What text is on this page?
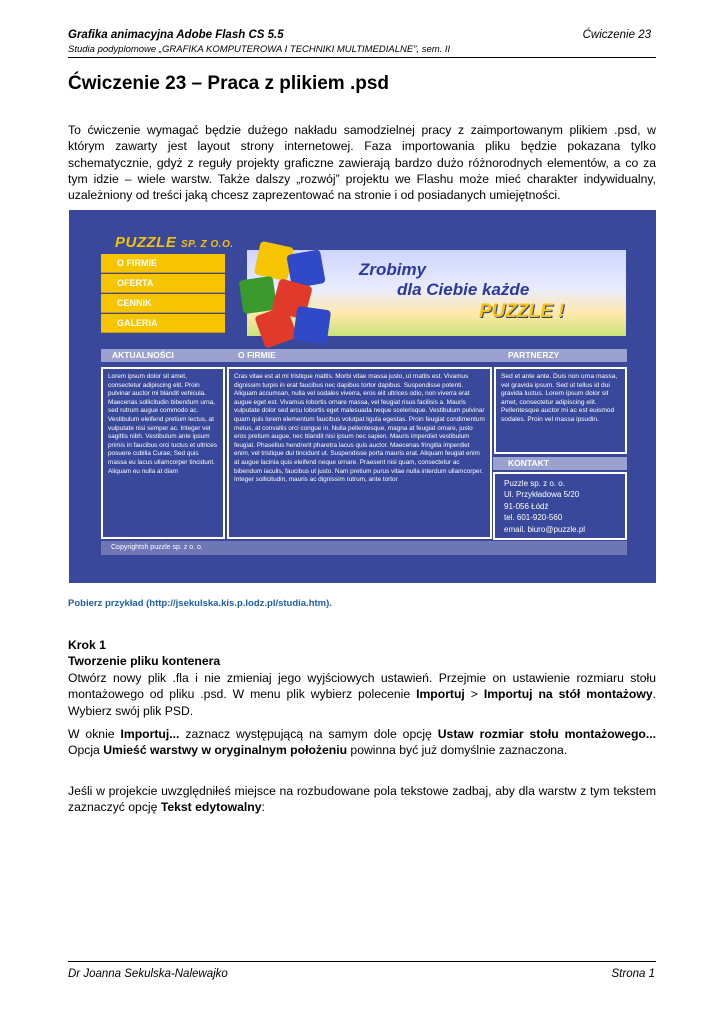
Grafika animacyjna Adobe Flash CS 5.5
Studia podyplomowe „GRAFIKA KOMPUTEROWA I TECHNIKI MULTIMEDIALNE”, sem. II
Ćwiczenie 23
Ćwiczenie 23 – Praca z plikiem .psd
To ćwiczenie wymagać będzie dużego nakładu samodzielnej pracy z zaimportowanym plikiem .psd, w którym zawarty jest layout strony internetowej. Faza importowania pliku będzie pokazana tylko schematycznie, gdyż z reguły projekty graficzne zawierają bardzo dużo różnorodnych elementów, a co za tym idzie – wiele warstw. Także dalszy „rozwój” projektu we Flashu może mieć charakter indywidualny, uzależniony od treści jaką chcesz zaprezentować na stronie i od posiadanych umiejętności.
PUZZLE SP. Z O.O.
O FIRMIE
OFERTA
CENNIK
GALERIA
Zrobimy
dla Ciebie każde
PUZZLE !
AKTUALNOŚCI	O FIRMIE	PARTNERZY
Lorem ipsum dolor sit amet, consectetur adipiscing elit. Proin pulvinar auctor mi blandit vehicula. Maecenas sollicitudin bibendum urna, sed rutrum augue commodo ac. Vestibulum eleifend pretium lectus, at vulputate nisi semper ac. Integer vel sagittis nibh. Vestibulum ante ipsum primis in faucibus orci luctus et ultrices posuere cubilia Curae; Sed quis massa eu lacus ullamcorper tincidunt. Aliquam eu nulla at diam
Cras vitae est at mi tristique mattis. Morbi vitae massa justo, ut mattis est. Vivamus dignissim turpis in erat faucibus nec dapibus tortor dapibus. Suspendisse potenti. Aliquam accumsan, nulla vel sodales viverra, eros elit ultrices odio, non viverra erat augue eget est. Vivamus lobortis ornare massa, vel feugiat risus facilisis a. Mauris vulputate dolor sed arcu lobortis eget malesuada neque scelerisque. Vestibulum pulvinar quam quis lorem elementum faucibus volutpat ligula egestas. Proin feugiat condimentum metus, at convallis orci congue in. Nulla pellentesque, magna at feugiat ornare, justo eros pretium augue, nec blandit nisi ipsum nec sapien. Mauris imperdiet vestibulum feugiat. Phasellus hendrerit pharetra lacus quis auctor. Maecenas fringilla imperdiet enim, vel tristique dui tincidunt ut. Suspendisse porta mauris erat. Aliquam feugiat enim at augue lacinia quis eleifend neque ornare. Praesent nisl quam, consectetur ac bibendum iaculis, faucibus ut justo. Nam pretium purus vitae nulla interdum ullamcorper. Integer sollicitudin, mauris ac dignissim rutrum, ante tortor
Sed et ante ante. Duis non urna massa, vel gravida ipsum. Sed ut tellus id dui gravida luctus. Lorem ipsum dolor sit amet, consectetur adipiscing elit. Pellentesque auctor mi ac est euismod sodales. Proin vel massa ipsudin.
KONTAKT
Puzzle sp. z o. o.
Ul. Przykładowa 5/20
91-056 Łódź
tel. 601-920-560
email. biuro@puzzle.pl
Copyrightsh puzzle sp. z o. o.
Pobierz przykład (http://jsekulska.kis.p.lodz.pl/studia.htm).
Krok 1
Tworzenie pliku kontenera
Otwórz nowy plik .fla i nie zmieniaj jego wyjściowych ustawień. Przejmie on ustawienie rozmiaru stołu montażowego od pliku .psd. W menu plik wybierz polecenie Importuj > Importuj na stół montażowy. Wybierz swój plik PSD.
W oknie Importuj... zaznacz występującą na samym dole opcję Ustaw rozmiar stołu montażowego... Opcja Umieść warstwy w oryginalnym położeniu powinna być już domyślnie zaznaczona.
Jeśli w projekcie uwzględniłeś miejsce na rozbudowane pola tekstowe zadbaj, aby dla warstw z tym tekstem zaznaczyć opcję Tekst edytowalny:
Dr Joanna Sekulska-Nalewajko	Strona 1
